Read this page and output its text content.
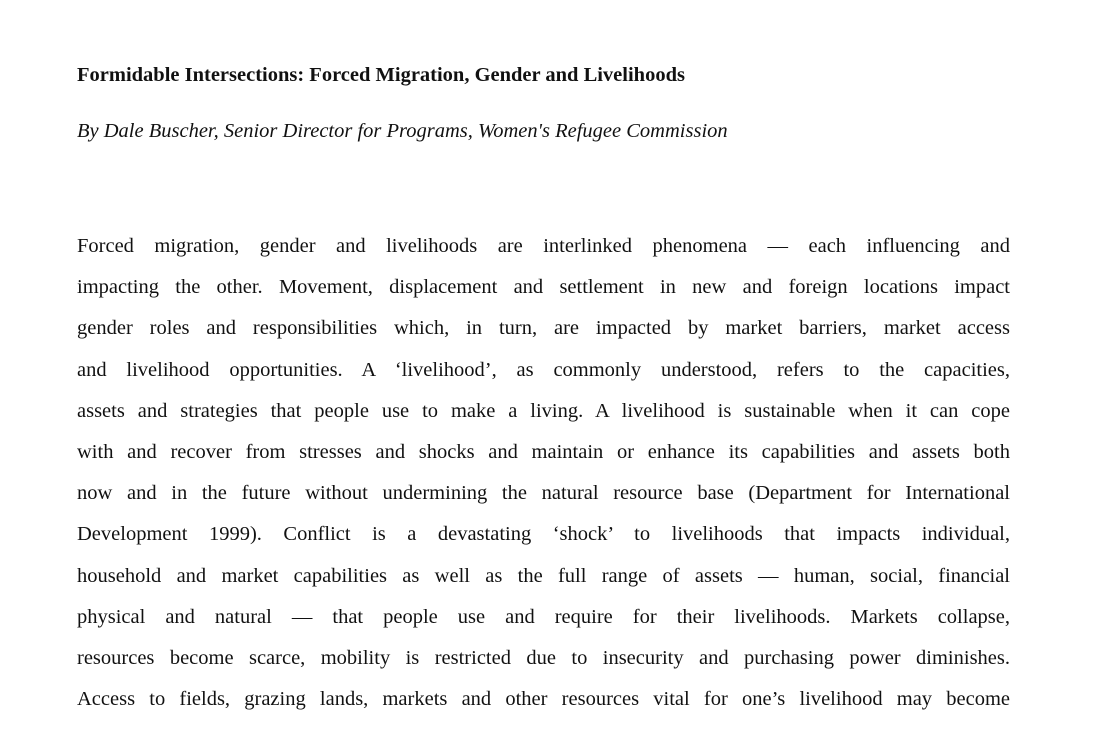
Formidable Intersections: Forced Migration, Gender and Livelihoods

By Dale Buscher, Senior Director for Programs, Women's Refugee Commission

Forced migration, gender and livelihoods are interlinked phenomena — each influencing and
impacting the other. Movement, displacement and settlement in new and foreign locations impact
gender roles and responsibilities which, in turn, are impacted by market barriers, market access
and livelihood opportunities. A ‘livelihood’, as commonly understood, refers to the capacities,
assets and strategies that people use to make a living. A livelihood is sustainable when it can cope
with and recover from stresses and shocks and maintain or enhance its capabilities and assets both
now and in the future without undermining the natural resource base (Department for International
Development 1999). Conflict is a devastating ‘shock’ to livelihoods that impacts individual,
household and market capabilities as well as the full range of assets — human, social, financial
physical and natural — that people use and require for their livelihoods. Markets collapse,
resources become scarce, mobility is restricted due to insecurity and purchasing power diminishes.
Access to fields, grazing lands, markets and other resources vital for one’s livelihood may become
